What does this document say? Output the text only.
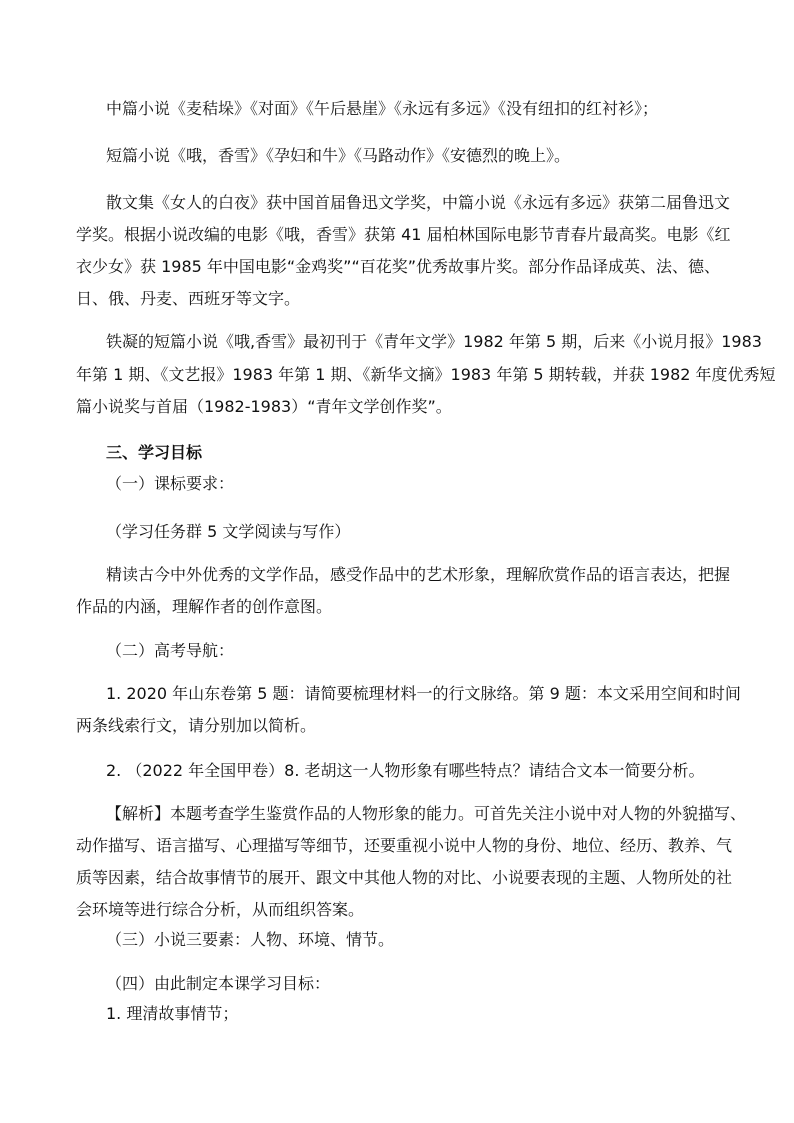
中篇小说《麦秸垛》《对面》《午后悬崖》《永远有多远》《没有纽扣的红衬衫》；
短篇小说《哦，香雪》《孕妇和牛》《马路动作》《安德烈的晚上》。
散文集《女人的白夜》获中国首届鲁迅文学奖，中篇小说《永远有多远》获第二届鲁迅文
学奖。根据小说改编的电影《哦，香雪》获第 41 届柏林国际电影节青春片最高奖。电影《红
衣少女》获 1985 年中国电影“金鸡奖”“百花奖”优秀故事片奖。部分作品译成英、法、德、
日、俄、丹麦、西班牙等文字。
铁凝的短篇小说《哦,香雪》最初刊于《青年文学》1982 年第 5 期，后来《小说月报》1983
年第 1 期、《文艺报》1983 年第 1 期、《新华文摘》1983 年第 5 期转载，并获 1982 年度优秀短
篇小说奖与首届（1982-1983）“青年文学创作奖”。
三、学习目标
（一）课标要求：
（学习任务群 5 文学阅读与写作）
精读古今中外优秀的文学作品，感受作品中的艺术形象，理解欣赏作品的语言表达，把握
作品的内涵，理解作者的创作意图。
（二）高考导航：
1. 2020 年山东卷第 5 题：请简要梳理材料一的行文脉络。第 9 题：本文采用空间和时间
两条线索行文，请分别加以简析。
2. （2022 年全国甲卷）8. 老胡这一人物形象有哪些特点？请结合文本一简要分析。
【解析】本题考查学生鉴赏作品的人物形象的能力。可首先关注小说中对人物的外貌描写、
动作描写、语言描写、心理描写等细节，还要重视小说中人物的身份、地位、经历、教养、气
质等因素，结合故事情节的展开、跟文中其他人物的对比、小说要表现的主题、人物所处的社
会环境等进行综合分析，从而组织答案。
（三）小说三要素：人物、环境、情节。
（四）由此制定本课学习目标：
1. 理清故事情节；
